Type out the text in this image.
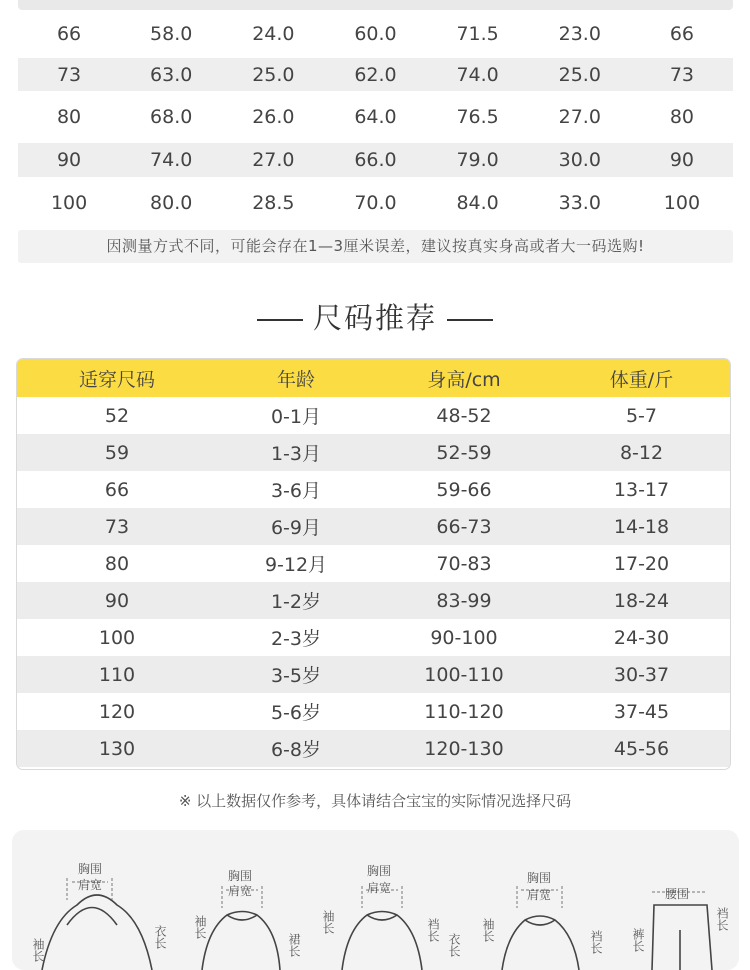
66	58.0	24.0	60.0	71.5	23.0	66
73	63.0	25.0	62.0	74.0	25.0	73
80	68.0	26.0	64.0	76.5	27.0	80
90	74.0	27.0	66.0	79.0	30.0	90
100	80.0	28.5	70.0	84.0	33.0	100
因测量方式不同，可能会存在1—3厘米误差，建议按真实身高或者大一码选购!
尺码推荐
适穿尺码	年龄	身高/cm	体重/斤
52	0-1月	48-52	5-7
59	1-3月	52-59	8-12
66	3-6月	59-66	13-17
73	6-9月	66-73	14-18
80	9-12月	70-83	17-20
90	1-2岁	83-99	18-24
100	2-3岁	90-100	24-30
110	3-5岁	100-110	30-37
120	5-6岁	110-120	37-45
130	6-8岁	120-130	45-56
※ 以上数据仅作参考，具体请结合宝宝的实际情况选择尺码
胸围
肩宽
衣长
袖长
胸围
肩宽
袖长
裙长
胸围
肩宽
袖长	裆长
衣长
胸围
肩宽
袖长	裆长
腰围
裤长
裆长
